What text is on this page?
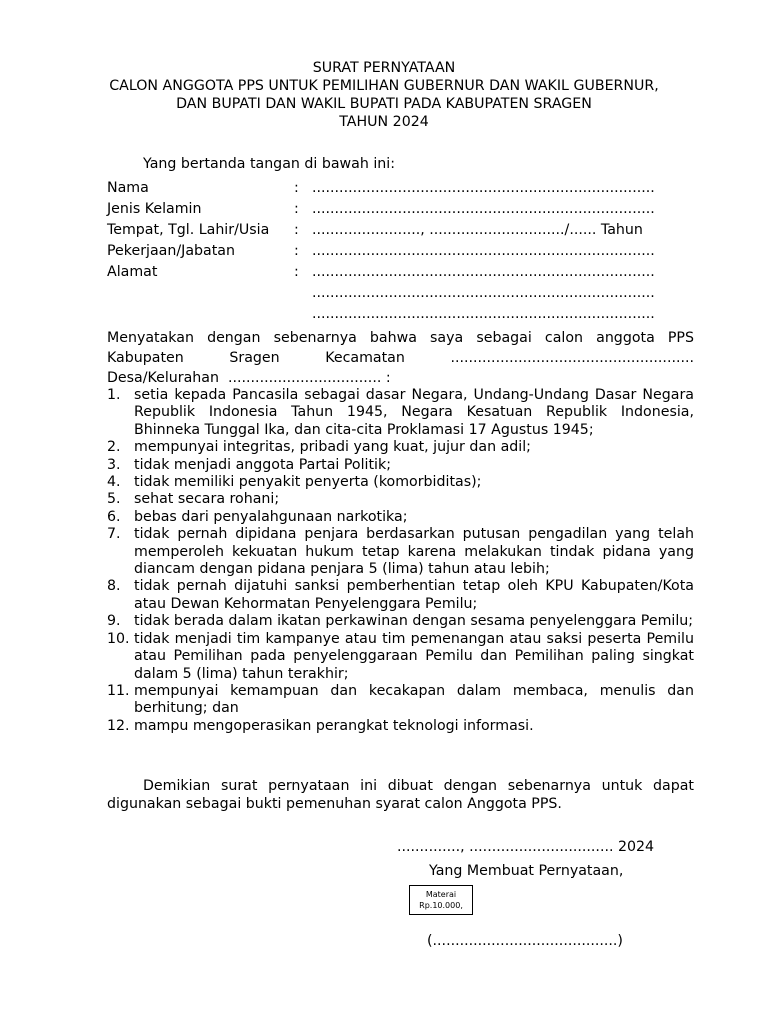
SURAT PERNYATAAN
CALON ANGGOTA PPS UNTUK PEMILIHAN GUBERNUR DAN WAKIL GUBERNUR,
DAN BUPATI DAN WAKIL BUPATI PADA KABUPATEN SRAGEN
TAHUN 2024
Yang bertanda tangan di bawah ini:
Nama	: ............................................................................
Jenis Kelamin	: ............................................................................
Tempat, Tgl. Lahir/Usia : ........................, ............................../...... Tahun
Pekerjaan/Jabatan	: ............................................................................
Alamat	: ............................................................................
............................................................................
............................................................................
Menyatakan dengan sebenarnya bahwa saya sebagai calon anggota PPS
Kabupaten	Sragen	Kecamatan	......................................................
Desa/Kelurahan  .................................. :
1. setia kepada Pancasila sebagai dasar Negara, Undang-Undang Dasar Negara Republik Indonesia Tahun 1945, Negara Kesatuan Republik Indonesia, Bhinneka Tunggal Ika, dan cita-cita Proklamasi 17 Agustus 1945;
2. mempunyai integritas, pribadi yang kuat, jujur dan adil;
3. tidak menjadi anggota Partai Politik;
4. tidak memiliki penyakit penyerta (komorbiditas);
5. sehat secara rohani;
6. bebas dari penyalahgunaan narkotika;
7. tidak pernah dipidana penjara berdasarkan putusan pengadilan yang telah memperoleh kekuatan hukum tetap karena melakukan tindak pidana yang diancam dengan pidana penjara 5 (lima) tahun atau lebih;
8. tidak pernah dijatuhi sanksi pemberhentian tetap oleh KPU Kabupaten/Kota atau Dewan Kehormatan Penyelenggara Pemilu;
9. tidak berada dalam ikatan perkawinan dengan sesama penyelenggara Pemilu;
10. tidak menjadi tim kampanye atau tim pemenangan atau saksi peserta Pemilu atau Pemilihan pada penyelenggaraan Pemilu dan Pemilihan paling singkat dalam 5 (lima) tahun terakhir;
11. mempunyai kemampuan dan kecakapan dalam membaca, menulis dan berhitung; dan
12. mampu mengoperasikan perangkat teknologi informasi.
Demikian surat pernyataan ini dibuat dengan sebenarnya untuk dapat
digunakan sebagai bukti pemenuhan syarat calon Anggota PPS.
.............., ................................ 2024
Yang Membuat Pernyataan,
Materai
Rp.10.000,
(.........................................)
